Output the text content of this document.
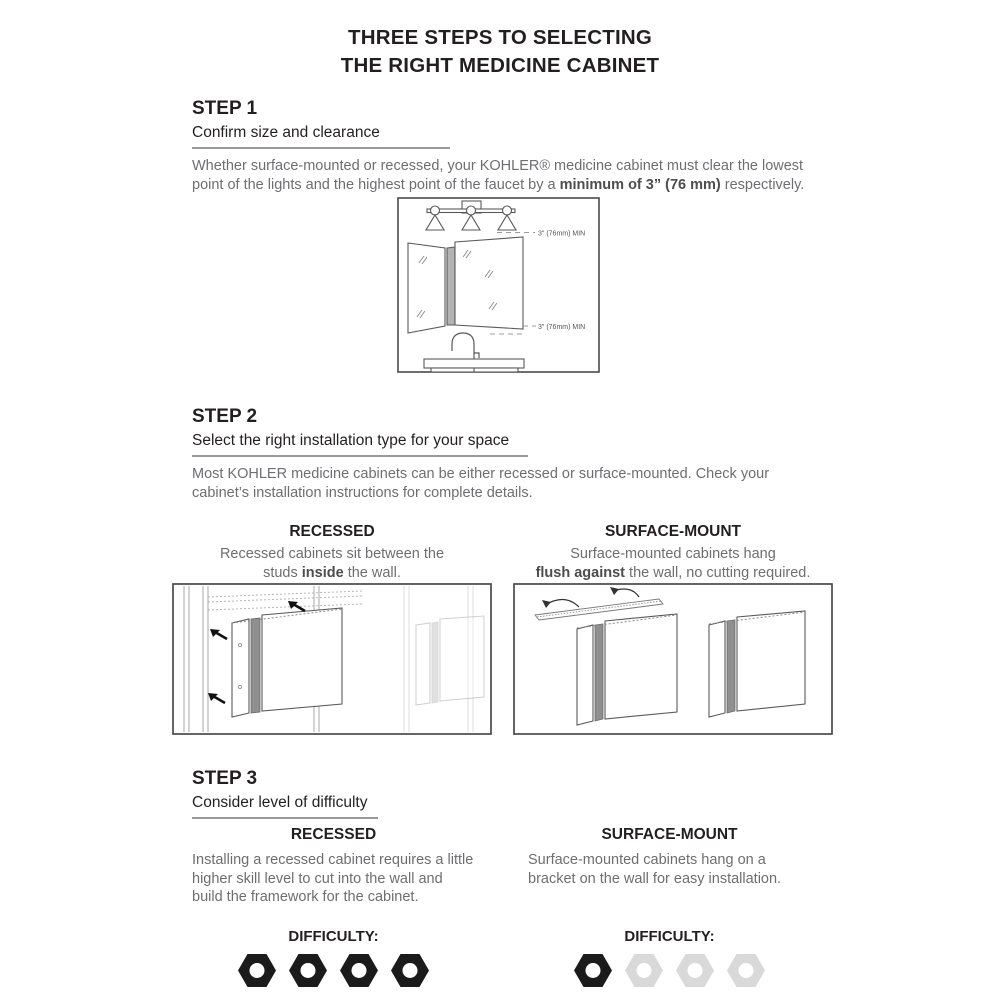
THREE STEPS TO SELECTING
THE RIGHT MEDICINE CABINET
STEP 1
Confirm size and clearance

Whether surface-mounted or recessed, your KOHLER® medicine cabinet must clear the lowest point of the lights and the highest point of the faucet by a minimum of 3” (76 mm) respectively.

3" (76mm) MIN
3" (76mm) MIN
STEP 2
Select the right installation type for your space

Most KOHLER medicine cabinets can be either recessed or surface-mounted. Check your cabinet’s installation instructions for complete details.

RECESSED
Recessed cabinets sit between the
studs inside the wall.
SURFACE-MOUNT
Surface-mounted cabinets hang
flush against the wall, no cutting required.
STEP 3
Consider level of difficulty
RECESSED

Installing a recessed cabinet requires a little higher skill level to cut into the wall and build the framework for the cabinet.

SURFACE-MOUNT

Surface-mounted cabinets hang on a bracket on the wall for easy installation.

DIFFICULTY:	DIFFICULTY:
